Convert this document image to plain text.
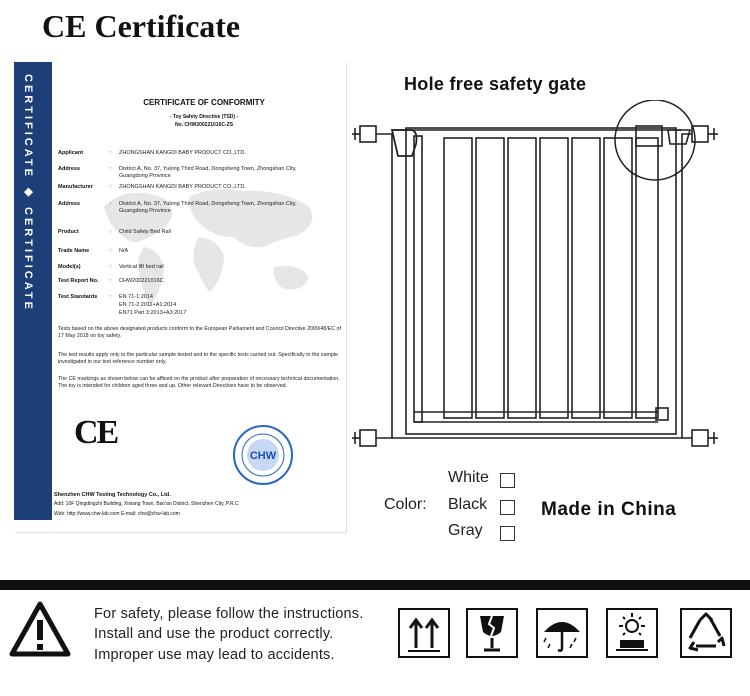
CE Certificate
CERTIFICATE ◆ CERTIFICATE	CERTIFICATE OF CONFORMITY
- Toy Safety Directive (TSD) -
No. CHW200221016C-ZS
Applicant	: ZHONGSHAN KANGDI BABY PRODUCT CO.,LTD.
Address	: District A, No. 37, Yulong Third Road, Dongsheng Town, Zhongshan City, Guangdong Province
Manufacturer	: ZHONGSHAN KANGDI BABY PRODUCT CO.,LTD.
Address	: District A, No. 37, Yulong Third Road, Dongsheng Town, Zhongshan City, Guangdong Province
Product	: Child Safety Bed Rail
Trade Name	: N/A
Model(s)	: Vertical lift bed rail
Test Report No.	: CHW200221016C
Test Standards	: EN 71-1:2014
EN 71-2:2011+A1:2014
EN71 Part 3:2013+A3:2017
Tests based on the above designated products conform to the European Parliament and Council Directive 2009/48/EC of 17 May 2018 on toy safety.
The test results apply only to the particular sample tested and to the specific tests carried out. Specifically to the sample investigated in our test reference number only.
The CE markings as shown below can be affixed on the product after preparation of necessary technical documentation. The toy is intended for children aged three and up. Other relevant Directives have to be observed.
CE
CHW
Shenzhen CHW Testing Technology Co., Ltd.
Add: 10F Qingdingzhi Building, Xixiang Town, Bao'an District, Shenzhen City, P.R.C
Web: http://www.chw-lab.com E-mail: chw@chw-lab.com
Hole free safety gate
White
Color: Black
Gray
Made in China
For safety, please follow the instructions.
Install and use the product correctly.
Improper use may lead to accidents.
